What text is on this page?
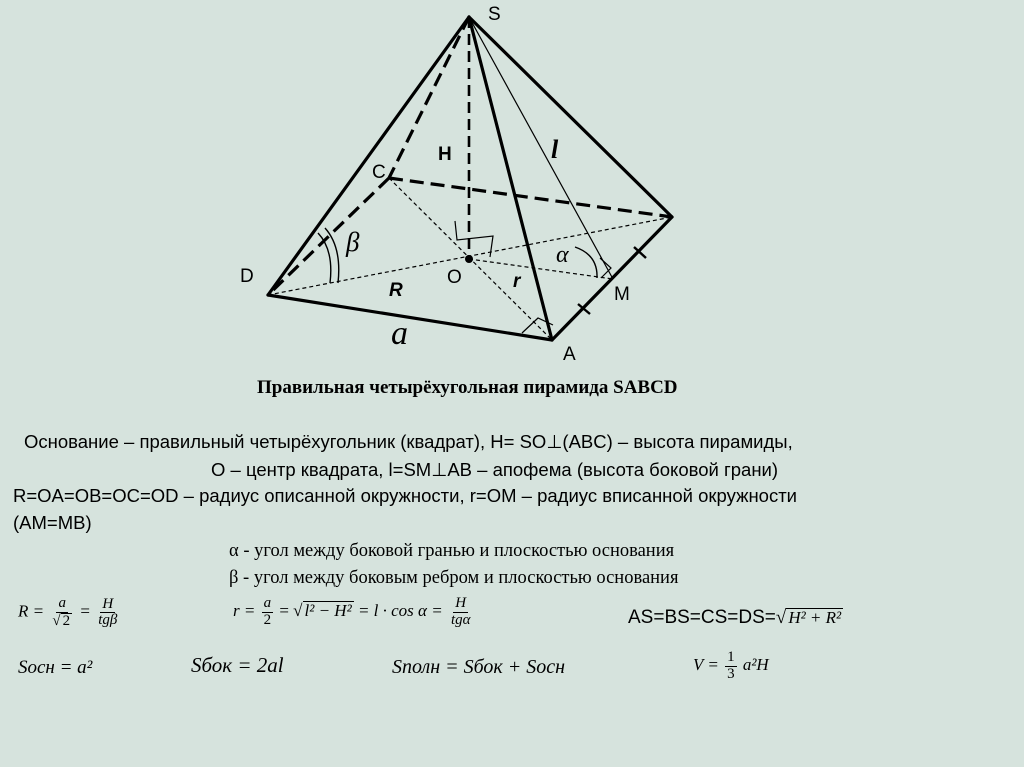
S
C
D	O
A
M
H
R	r
l
a
α
β
Правильная четырёхугольная пирамида SABCD
Основание – правильный четырёхугольник (квадрат), H= SO⊥(ABC) – высота пирамиды,
O – центр квадрата, l=SM⊥AB – апофема (высота боковой грани)
R=OA=OB=OC=OD – радиус описанной окружности, r=OM – радиус вписанной окружности
(AM=MB)
α - угол между боковой гранью и плоскостью основания
β - угол между боковым ребром и плоскостью основания
$R = \frac{a}{√ 2} = \frac{H}{\text{tgβ}}$	$r = \frac{a}{2}$ = √ $l^2 - H^2 = l \cdot \cos \alpha = \frac{H}{\text{tgα}}$	AS=BS=CS=DS=√ H² + R²
Sосн = a²	Sбок = 2al	Sполн = Sбок + Sосн	$V = \frac{1}{3} a^2H$
